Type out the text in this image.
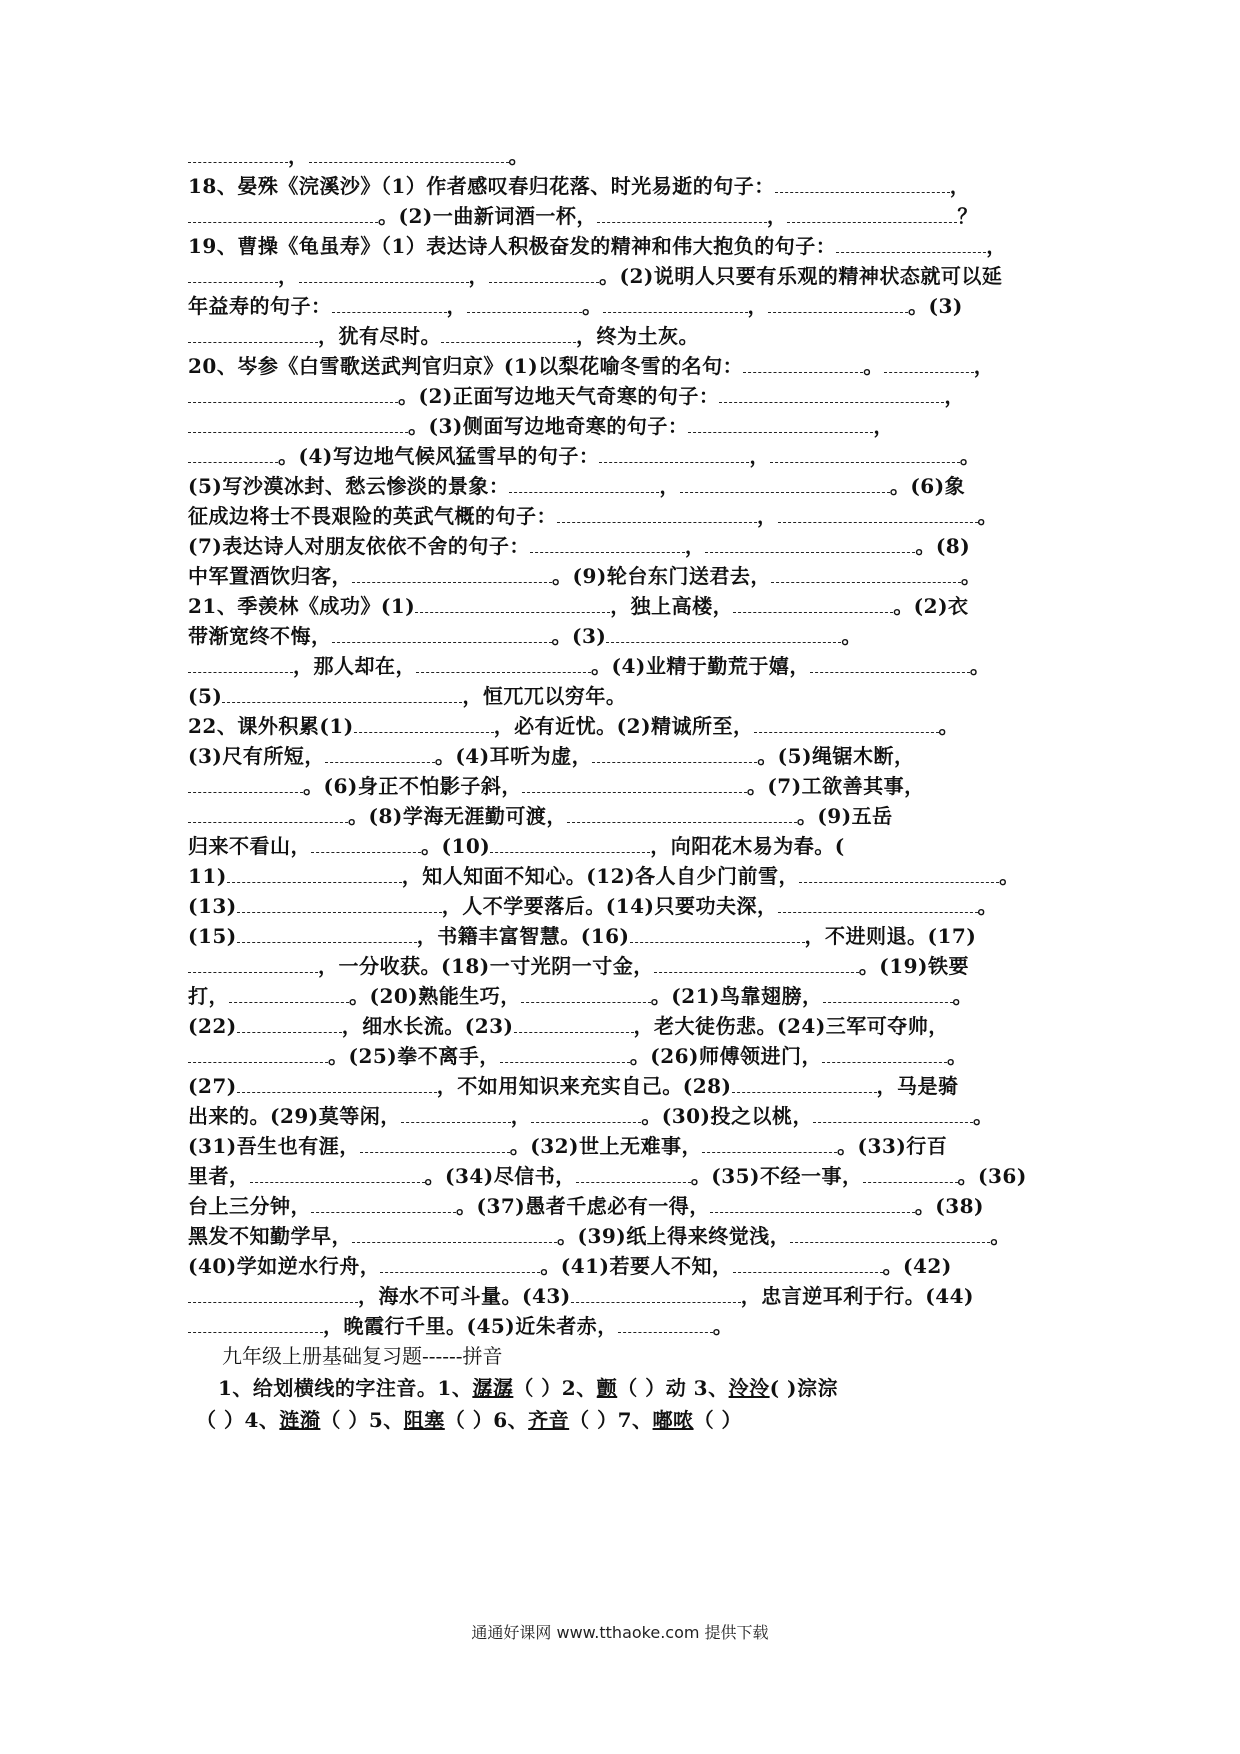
，	。
18、晏殊《浣溪沙》（1）作者感叹春归花落、时光易逝的句子：	，
。(2)一曲新词酒一杯，	，	？
19、曹操《龟虽寿》（1）表达诗人积极奋发的精神和伟大抱负的句子：	，
，	，	。(2)说明人只要有乐观的精神状态就可以延
年益寿的句子：	，	。	，	。(3)
，犹有尽时。	，终为土灰。
20、岑参《白雪歌送武判官归京》(1)以梨花喻冬雪的名句：	。	，
。(2)正面写边地天气奇寒的句子：	，
。(3)侧面写边地奇寒的句子：	，
。(4)写边地气候风猛雪早的句子：	，	。
(5)写沙漠冰封、愁云惨淡的景象：	，	。(6)象
征成边将士不畏艰险的英武气概的句子：	，	。
(7)表达诗人对朋友依依不舍的句子：	，	。(8)
中军置酒饮归客，	。(9)轮台东门送君去，	。
21、季羡林《成功》(1)	，独上高楼，	。(2)衣
带渐宽终不悔，	。(3)	。
，那人却在，	。(4)业精于勤荒于嬉，	。
(5)	，恒兀兀以穷年。
22、课外积累(1)	，必有近忧。(2)精诚所至，	。
(3)尺有所短，	。(4)耳听为虚，	。(5)绳锯木断，
。(6)身正不怕影子斜，	。(7)工欲善其事，
。(8)学海无涯勤可渡，	。(9)五岳
归来不看山，	。(10)	，向阳花木易为春。(
11)	，知人知面不知心。(12)各人自少门前雪，	。
(13)	，人不学要落后。(14)只要功夫深，	。
(15)	，书籍丰富智慧。(16)	，不进则退。(17)
，一分收获。(18)一寸光阴一寸金，	。(19)铁要
打，	。(20)熟能生巧，	。(21)鸟靠翅膀，	。
(22)	，细水长流。(23)	，老大徒伤悲。(24)三军可夺帅，
。(25)拳不离手，	。(26)师傅领进门，	。
(27)	，不如用知识来充实自己。(28)	，马是骑
出来的。(29)莫等闲，	，	。(30)投之以桃，	。
(31)吾生也有涯，	。(32)世上无难事，	。(33)行百
里者，	。(34)尽信书，	。(35)不经一事，	。(36)
台上三分钟，	。(37)愚者千虑必有一得，	。(38)
黑发不知勤学早，	。(39)纸上得来终觉浅，	。
(40)学如逆水行舟，	。(41)若要人不知，	。(42)
，海水不可斗量。(43)	，忠言逆耳利于行。(44)
，晚霞行千里。(45)近朱者赤，	。
九年级上册基础复习题------拼音
1、给划横线的字注音。1、潺潺（ ）2、颤（ ）动 3、泠泠( )淙淙
（ ）4、涟漪（ ）5、阻塞（ ）6、齐音（ ）7、嘟哝（ ）
通通好课网 www.tthaoke.com 提供下载
